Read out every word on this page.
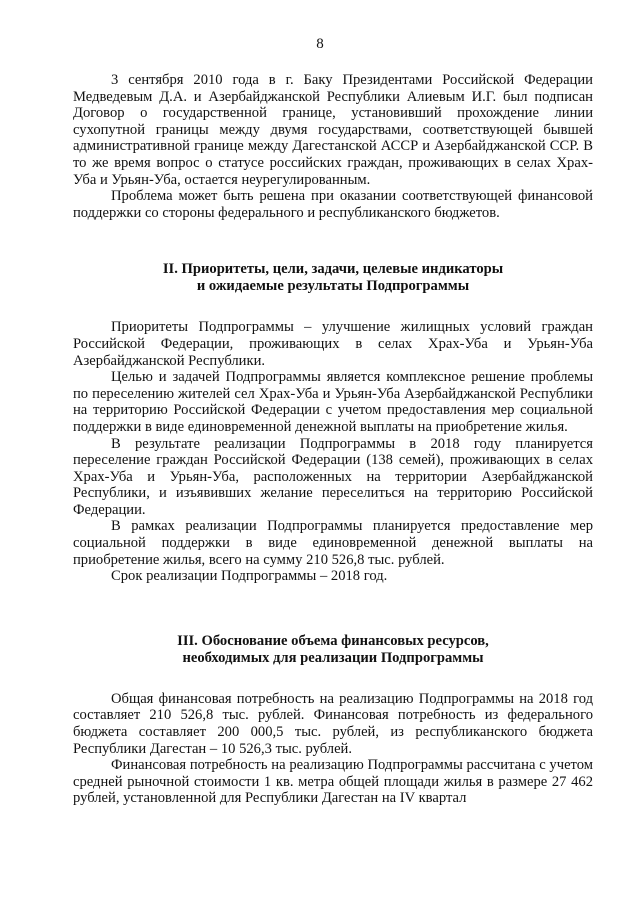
8

3 сентября 2010 года в г. Баку Президентами Российской Федерации Медведевым Д.А. и Азербайджанской Республики Алиевым И.Г. был подписан Договор о государственной границе, установивший прохождение линии сухопутной границы между двумя государствами, соответствующей бывшей административной границе между Дагестанской АССР и Азербайджанской ССР. В то же время вопрос о статусе российских граждан, проживающих в селах Храх-Уба и Урьян-Уба, остается неурегулированным.

Проблема может быть решена при оказании соответствующей финансовой поддержки со стороны федерального и республиканского бюджетов.

II. Приоритеты, цели, задачи, целевые индикаторы

и ожидаемые результаты Подпрограммы

Приоритеты Подпрограммы – улучшение жилищных условий граждан Российской Федерации, проживающих в селах Храх-Уба и Урьян-Уба Азербайджанской Республики.

Целью и задачей Подпрограммы является комплексное решение проблемы по переселению жителей сел Храх-Уба и Урьян-Уба Азербайджанской Республики на территорию Российской Федерации с учетом предоставления мер социальной поддержки в виде единовременной денежной выплаты на приобретение жилья.

В результате реализации Подпрограммы в 2018 году планируется переселение граждан Российской Федерации (138 семей), проживающих в селах Храх-Уба и Урьян-Уба, расположенных на территории Азербайджанской Республики, и изъявивших желание переселиться на территорию Российской Федерации.

В рамках реализации Подпрограммы планируется предоставление мер социальной поддержки в виде единовременной денежной выплаты на приобретение жилья, всего на сумму 210 526,8 тыс. рублей.

Срок реализации Подпрограммы – 2018 год.

III. Обоснование объема финансовых ресурсов,

необходимых для реализации Подпрограммы

Общая финансовая потребность на реализацию Подпрограммы на 2018 год составляет 210 526,8 тыс. рублей. Финансовая потребность из федерального бюджета составляет 200 000,5 тыс. рублей, из республиканского бюджета Республики Дагестан – 10 526,3 тыс. рублей.

Финансовая потребность на реализацию Подпрограммы рассчитана с учетом средней рыночной стоимости 1 кв. метра общей площади жилья в размере 27 462 рублей, установленной для Республики Дагестан на IV квартал
